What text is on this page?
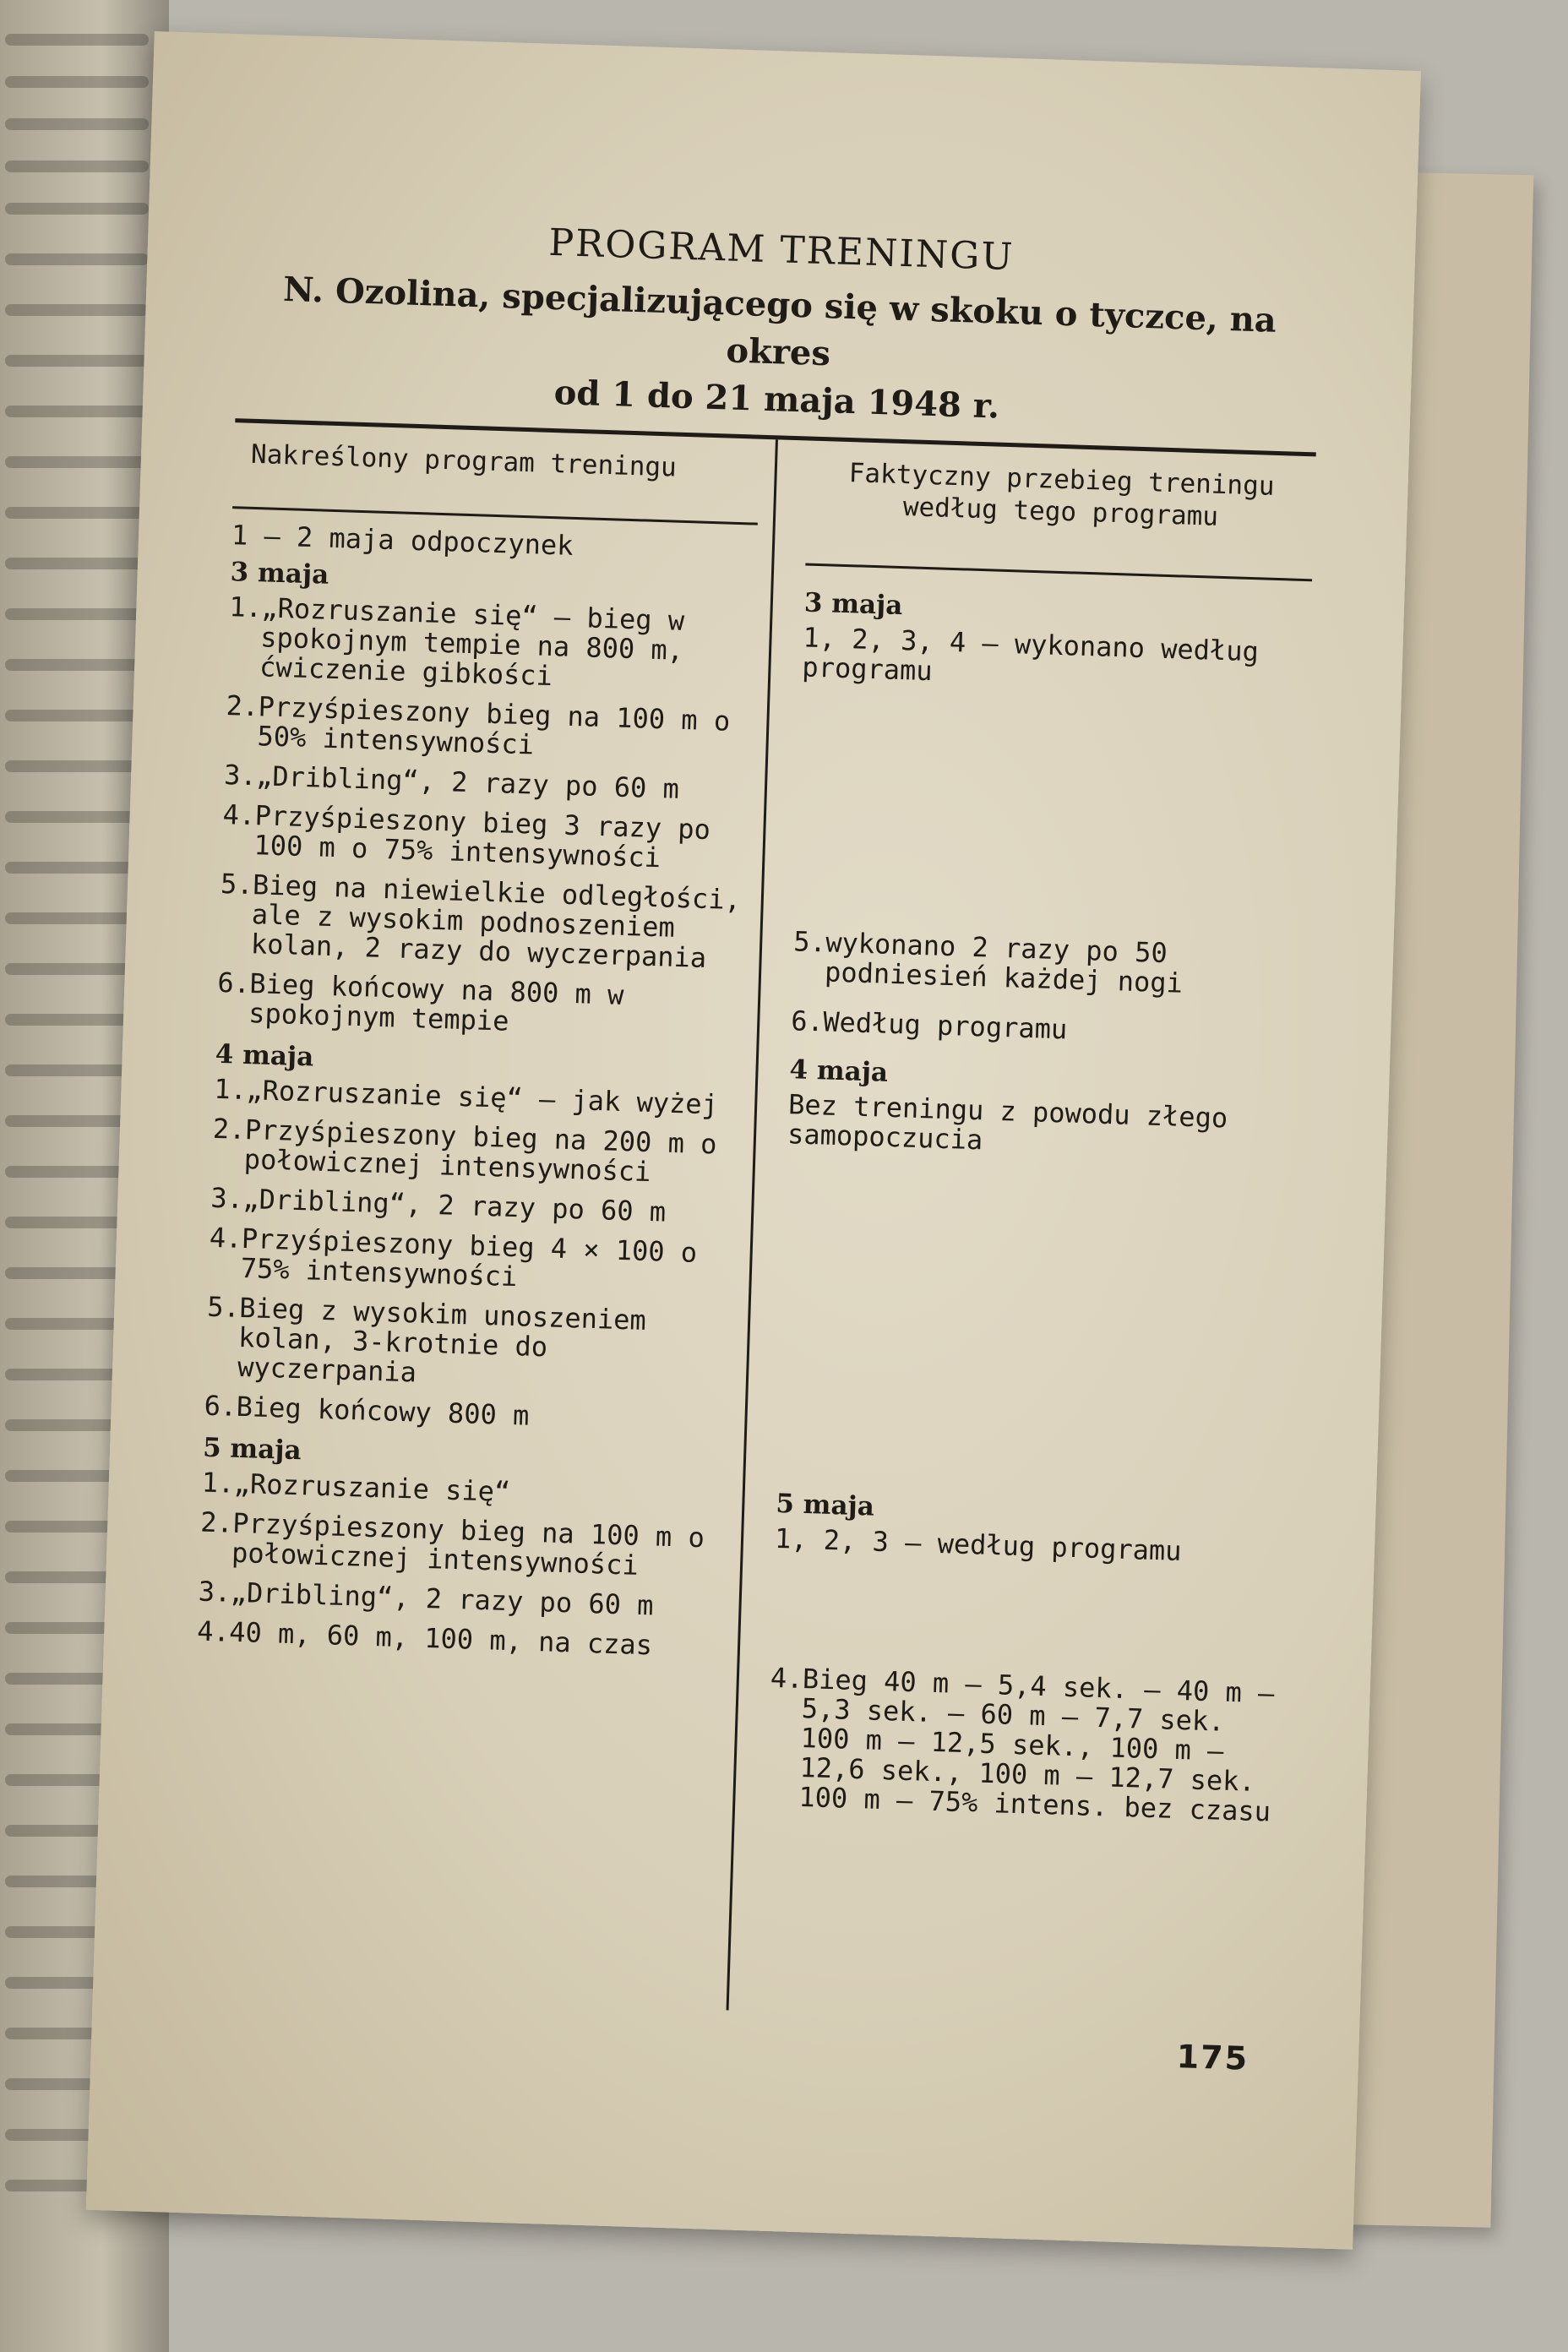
PROGRAM TRENINGU

N. Ozolina, specjalizującego się w skoku o tyczce, na okres
od 1 do 21 maja 1948 r.

Nakreślony program treningu
1 — 2 maja odpoczynek
3 maja
1.
„Rozruszanie się“ — bieg w spokojnym tempie na 800 m, ćwiczenie gibkości
2.
Przyśpieszony bieg na 100 m o 50% intensywności
3.
„Dribling“, 2 razy po 60 m
4.
Przyśpieszony bieg 3 razy po 100 m o 75% intensywności
5.
Bieg na niewielkie odległości, ale z wysokim podnoszeniem kolan, 2 razy do wyczerpania
6.
Bieg końcowy na 800 m w spokojnym tempie
4 maja
1.
„Rozruszanie się“ — jak wyżej
2.
Przyśpieszony bieg na 200 m o połowicznej intensywności
3.
„Dribling“, 2 razy po 60 m
4.
Przyśpieszony bieg 4 × 100 o 75% intensywności
5.
Bieg z wysokim unoszeniem kolan, 3-krotnie do wyczerpania
6.
Bieg końcowy 800 m
5 maja
1.
„Rozruszanie się“
2.
Przyśpieszony bieg na 100 m o połowicznej intensywności
3.
„Dribling“, 2 razy po 60 m
4.
40 m, 60 m, 100 m, na czas
Faktyczny przebieg treningu według tego programu
3 maja
1, 2, 3, 4 — wykonano według programu
5.
wykonano 2 razy po 50 podniesień każdej nogi
6.
Według programu
4 maja
Bez treningu z powodu złego samopoczucia
5 maja
1, 2, 3 — według programu
4.
Bieg 40 m — 5,4 sek. — 40 m — 5,3 sek. — 60 m — 7,7 sek. 100 m — 12,5 sek., 100 m — 12,6 sek., 100 m — 12,7 sek. 100 m — 75% intens. bez czasu
175
